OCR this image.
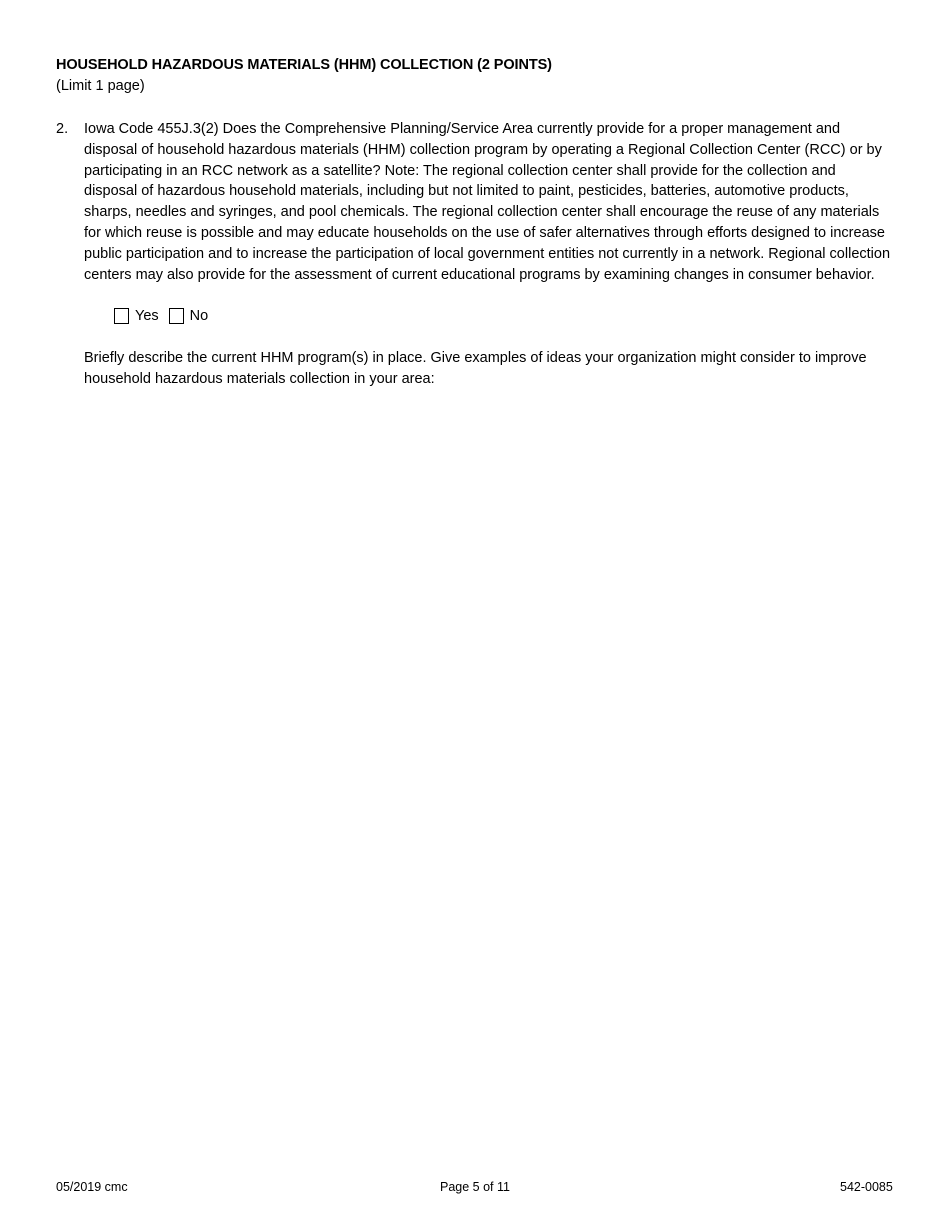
HOUSEHOLD HAZARDOUS MATERIALS (HHM) COLLECTION (2 POINTS)
(Limit 1 page)
2. Iowa Code 455J.3(2) Does the Comprehensive Planning/Service Area currently provide for a proper management and disposal of household hazardous materials (HHM) collection program by operating a Regional Collection Center (RCC) or by participating in an RCC network as a satellite? Note: The regional collection center shall provide for the collection and disposal of hazardous household materials, including but not limited to paint, pesticides, batteries, automotive products, sharps, needles and syringes, and pool chemicals. The regional collection center shall encourage the reuse of any materials for which reuse is possible and may educate households on the use of safer alternatives through efforts designed to increase public participation and to increase the participation of local government entities not currently in a network. Regional collection centers may also provide for the assessment of current educational programs by examining changes in consumer behavior.
Yes No
Briefly describe the current HHM program(s) in place. Give examples of ideas your organization might consider to improve household hazardous materials collection in your area:
05/2019 cmc	Page 5 of 11	542-0085
